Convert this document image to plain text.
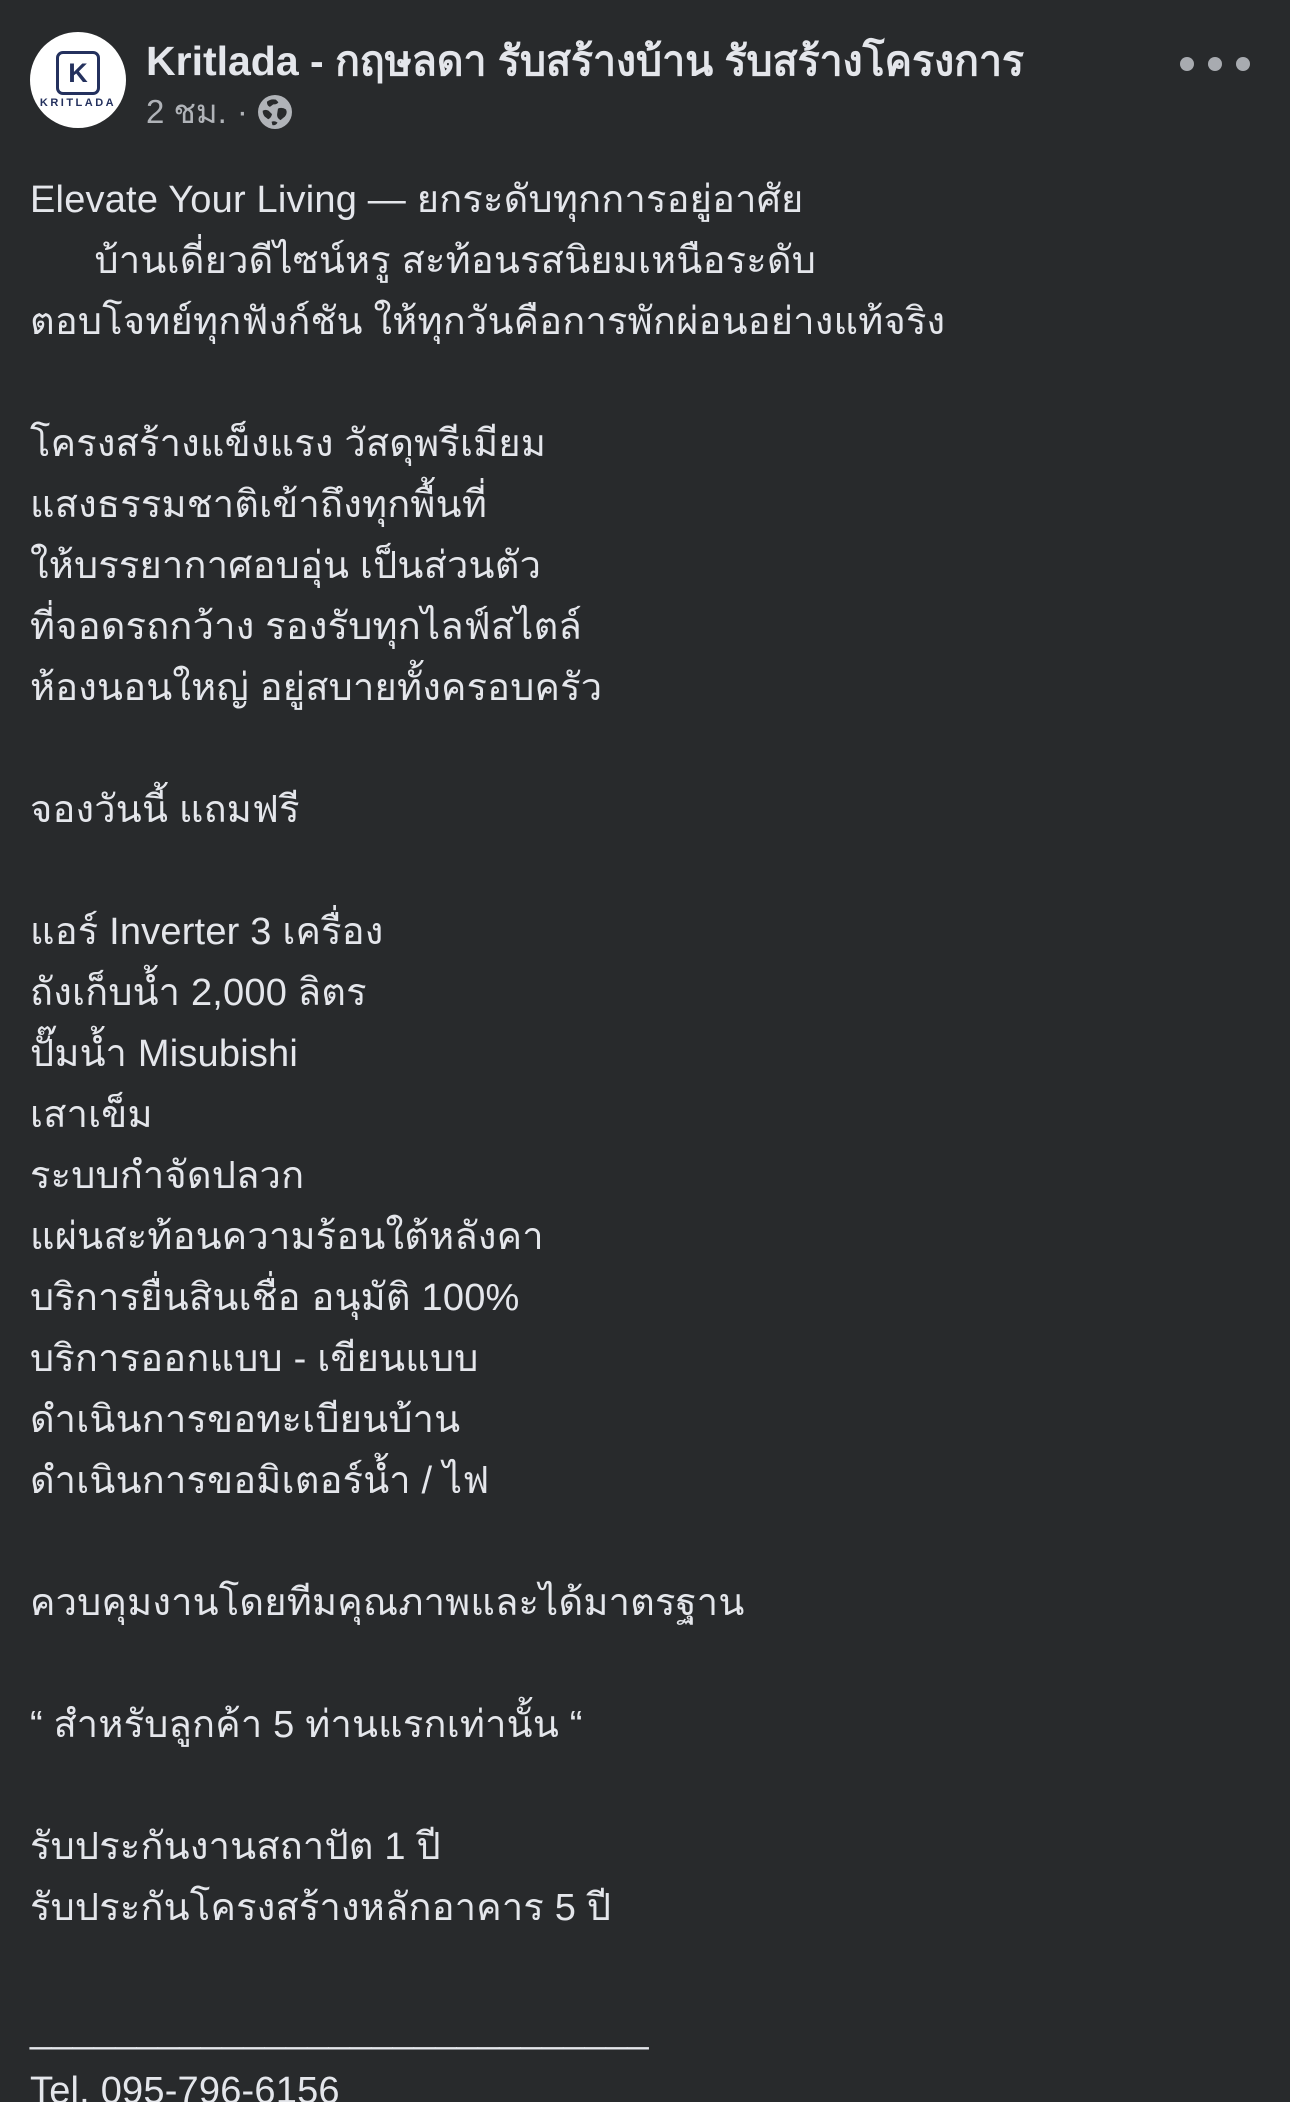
K
KRITLADA
Kritlada - กฤษลดา รับสร้างบ้าน รับสร้างโครงการ
2 ชม. ·
Elevate Your Living — ยกระดับทุกการอยู่อาศัย
บ้านเดี่ยวดีไซน์หรู สะท้อนรสนิยมเหนือระดับ
ตอบโจทย์ทุกฟังก์ชัน ให้ทุกวันคือการพักผ่อนอย่างแท้จริง
โครงสร้างแข็งแรง วัสดุพรีเมียม
แสงธรรมชาติเข้าถึงทุกพื้นที่
ให้บรรยากาศอบอุ่น เป็นส่วนตัว
ที่จอดรถกว้าง รองรับทุกไลฟ์สไตล์
ห้องนอนใหญ่ อยู่สบายทั้งครอบครัว
จองวันนี้ แถมฟรี
แอร์ Inverter 3 เครื่อง
ถังเก็บน้ำ 2,000 ลิตร
ปั๊มน้ำ Misubishi
เสาเข็ม
ระบบกำจัดปลวก
แผ่นสะท้อนความร้อนใต้หลังคา
บริการยื่นสินเชื่อ อนุมัติ 100%
บริการออกแบบ - เขียนแบบ
ดำเนินการขอทะเบียนบ้าน
ดำเนินการขอมิเตอร์น้ำ / ไฟ
ควบคุมงานโดยทีมคุณภาพและได้มาตรฐาน
“ สำหรับลูกค้า 5 ท่านแรกเท่านั้น “
รับประกันงานสถาปัต 1 ปี
รับประกันโครงสร้างหลักอาคาร 5 ปี
_____________________________
Tel. 095-796-6156
